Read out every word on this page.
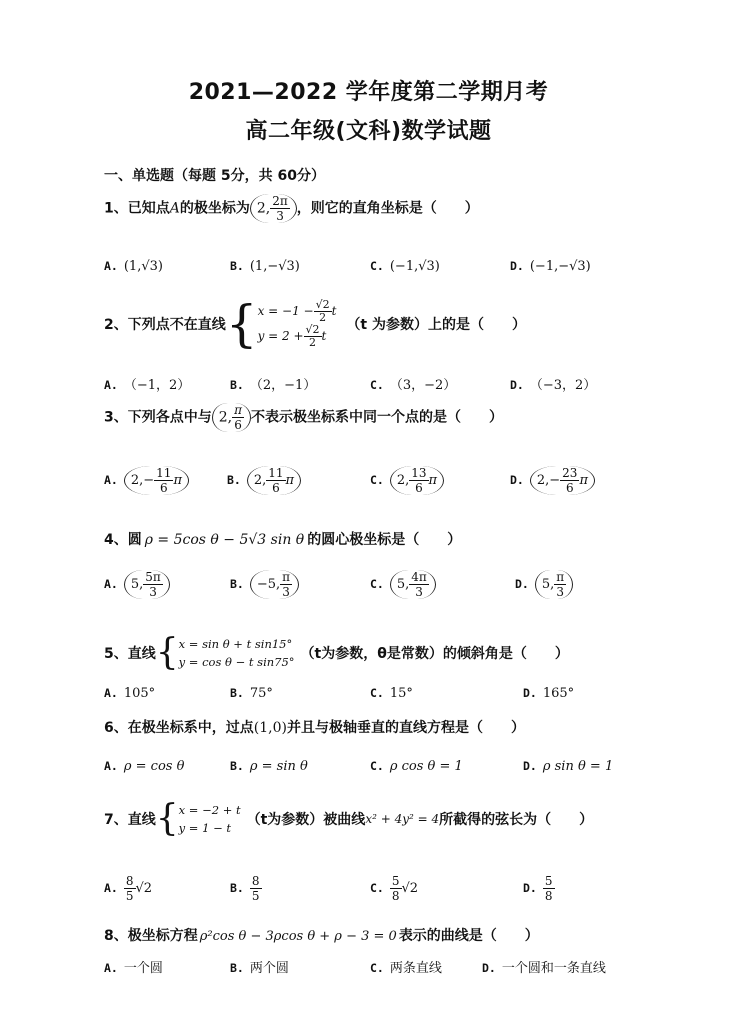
2021—2022 学年度第二学期月考
高二年级(文科)数学试题
一、单选题（每题 5分，共 60分）
1、已知点A的极坐标为 2, $\frac{2\pi}{3}$ ，则它的直角坐标是（　　）
A. (1,√3)	B. (1,−√3)	C. (−1,√3)	D. (−1,−√3)
2、下列点不在直线{ $x = -1 - \frac{√2}{2}$ t
$y = 2 + \frac{√2}{2}$ t
（t 为参数）上的是（　　）
A. （−1，2）	B. （2，−1）	C. （3，−2）	D. （−3，2）
3、下列各点中与 2, $\frac{\pi}{6}$ 不表示极坐标系中同一个点的是（　　）
A. $2,- \frac{11}{6}$ π	B. 2, $\frac{11}{6}$ π	C. 2, $\frac{13}{6}$ π	D. $2,- \frac{23}{6}$ π
4、圆 ρ = 5cos θ − 5√3 sin θ 的圆心极坐标是（　　）
A. 5, $\frac{5\pi}{3}$	B. −5, $\frac{\pi}{3}$	C. 5, $\frac{4\pi}{3}$	D. 5, $\frac{\pi}{3}$
5、直线{ x = sin θ + t sin15°
y = cos θ − t sin75° （t为参数，θ是常数）的倾斜角是（　　）
A. 105°	B. 75°	C. 15°	D. 165°
6、在极坐标系中，过点(1,0)并且与极轴垂直的直线方程是（　　）
A. ρ = cos θ	B. ρ = sin θ	C. ρ cos θ = 1	D. ρ sin θ = 1
7、直线{ x = −2 + t
y = 1 − t	（t为参数）被曲线x² + 4y² = 4所截得的弦长为（　　）
A. $\frac{8}{5} √2$	B. $\frac{8}{5}$	C. $\frac{5}{8} √2$	D. $\frac{5}{8}$
8、极坐标方程 ρ²cos θ − 3ρcos θ + ρ − 3 = 0 表示的曲线是（　　）
A. 一个圆	B. 两个圆	C. 两条直线	D. 一个圆和一条直线
